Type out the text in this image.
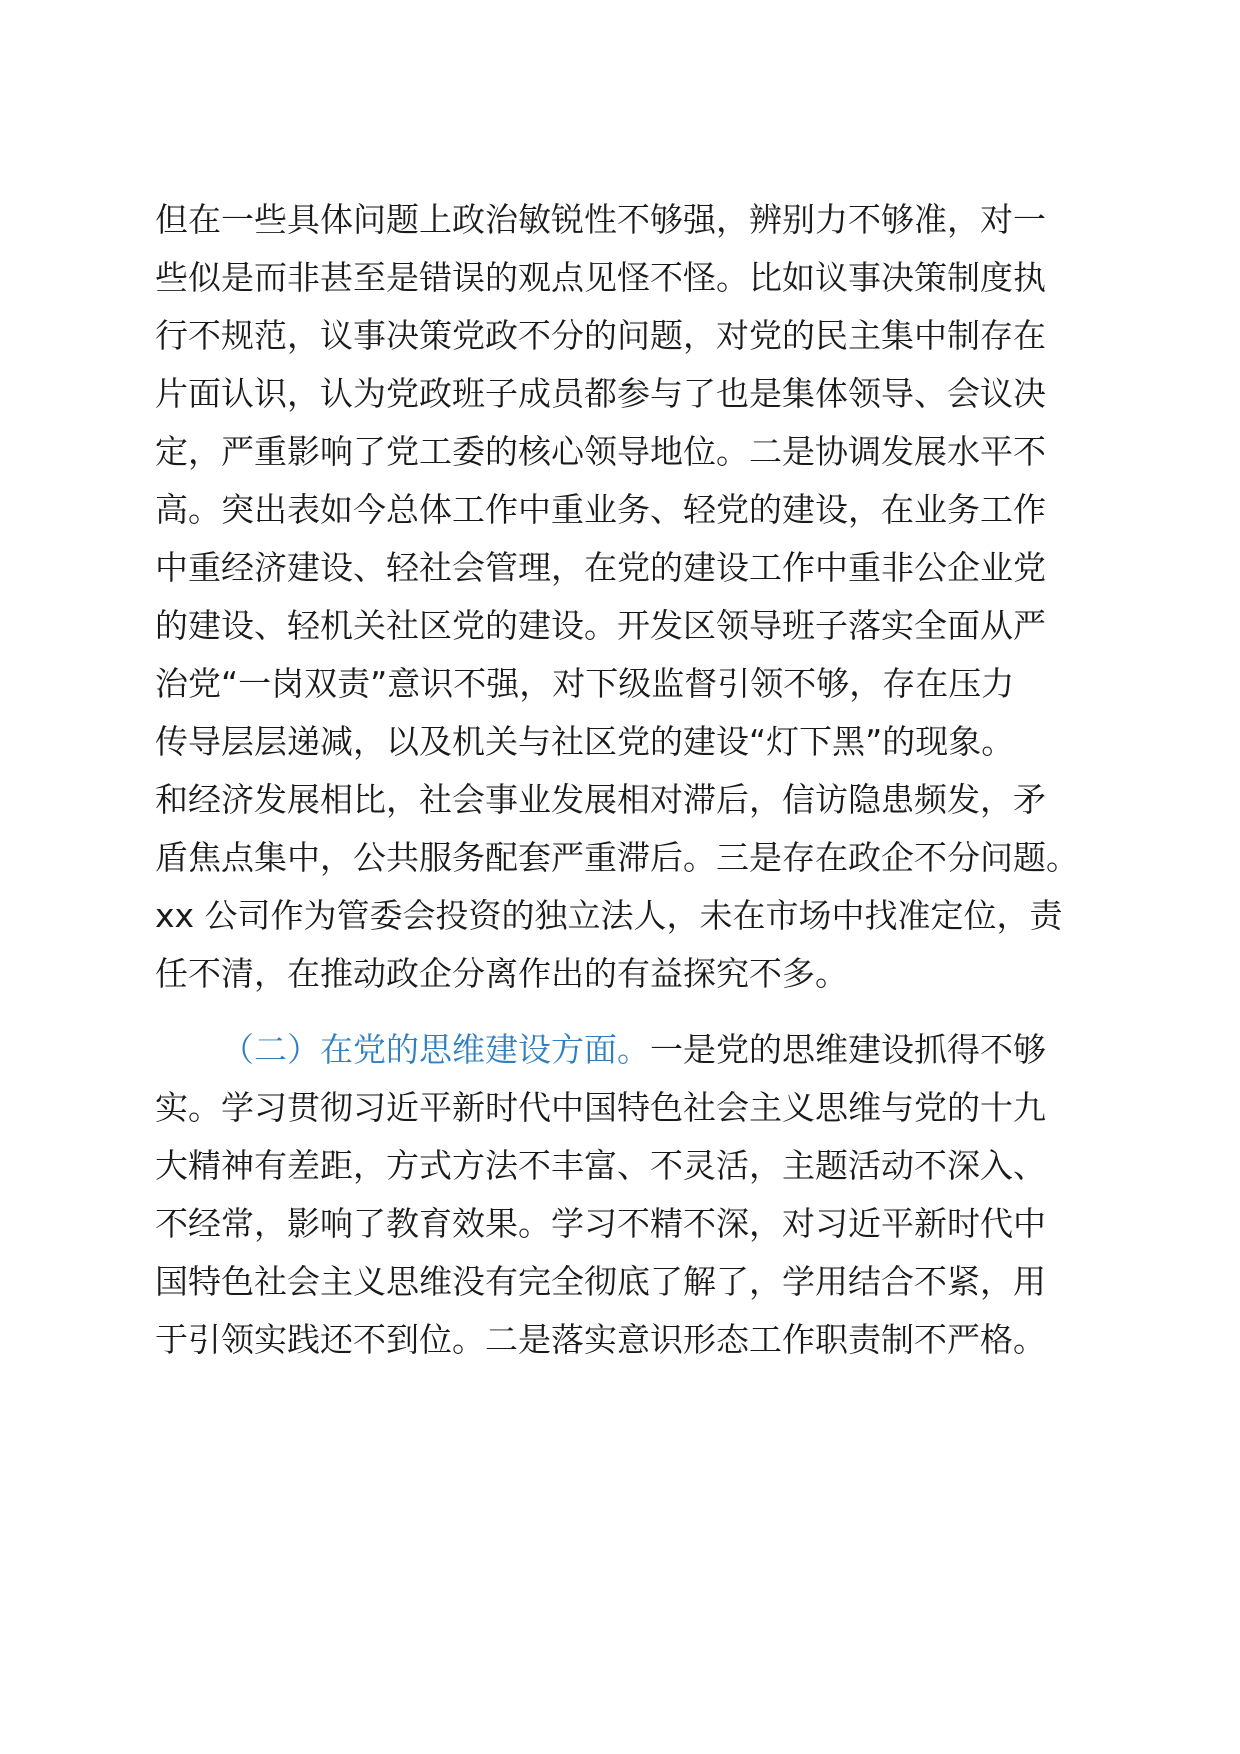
但在一些具体问题上政治敏锐性不够强，辨别力不够准，对一
些似是而非甚至是错误的观点见怪不怪。比如议事决策制度执
行不规范，议事决策党政不分的问题，对党的民主集中制存在
片面认识，认为党政班子成员都参与了也是集体领导、会议决
定，严重影响了党工委的核心领导地位。二是协调发展水平不
高。突出表如今总体工作中重业务、轻党的建设，在业务工作
中重经济建设、轻社会管理，在党的建设工作中重非公企业党
的建设、轻机关社区党的建设。开发区领导班子落实全面从严
治党“一岗双责”意识不强，对下级监督引领不够，存在压力
传导层层递减，以及机关与社区党的建设“灯下黑”的现象。
和经济发展相比，社会事业发展相对滞后，信访隐患频发，矛
盾焦点集中，公共服务配套严重滞后。三是存在政企不分问题。
xx 公司作为管委会投资的独立法人，未在市场中找准定位，责
任不清，在推动政企分离作出的有益探究不多。
（二）在党的思维建设方面。一是党的思维建设抓得不够
实。学习贯彻习近平新时代中国特色社会主义思维与党的十九
大精神有差距，方式方法不丰富、不灵活，主题活动不深入、
不经常，影响了教育效果。学习不精不深，对习近平新时代中
国特色社会主义思维没有完全彻底了解了，学用结合不紧，用
于引领实践还不到位。二是落实意识形态工作职责制不严格。
